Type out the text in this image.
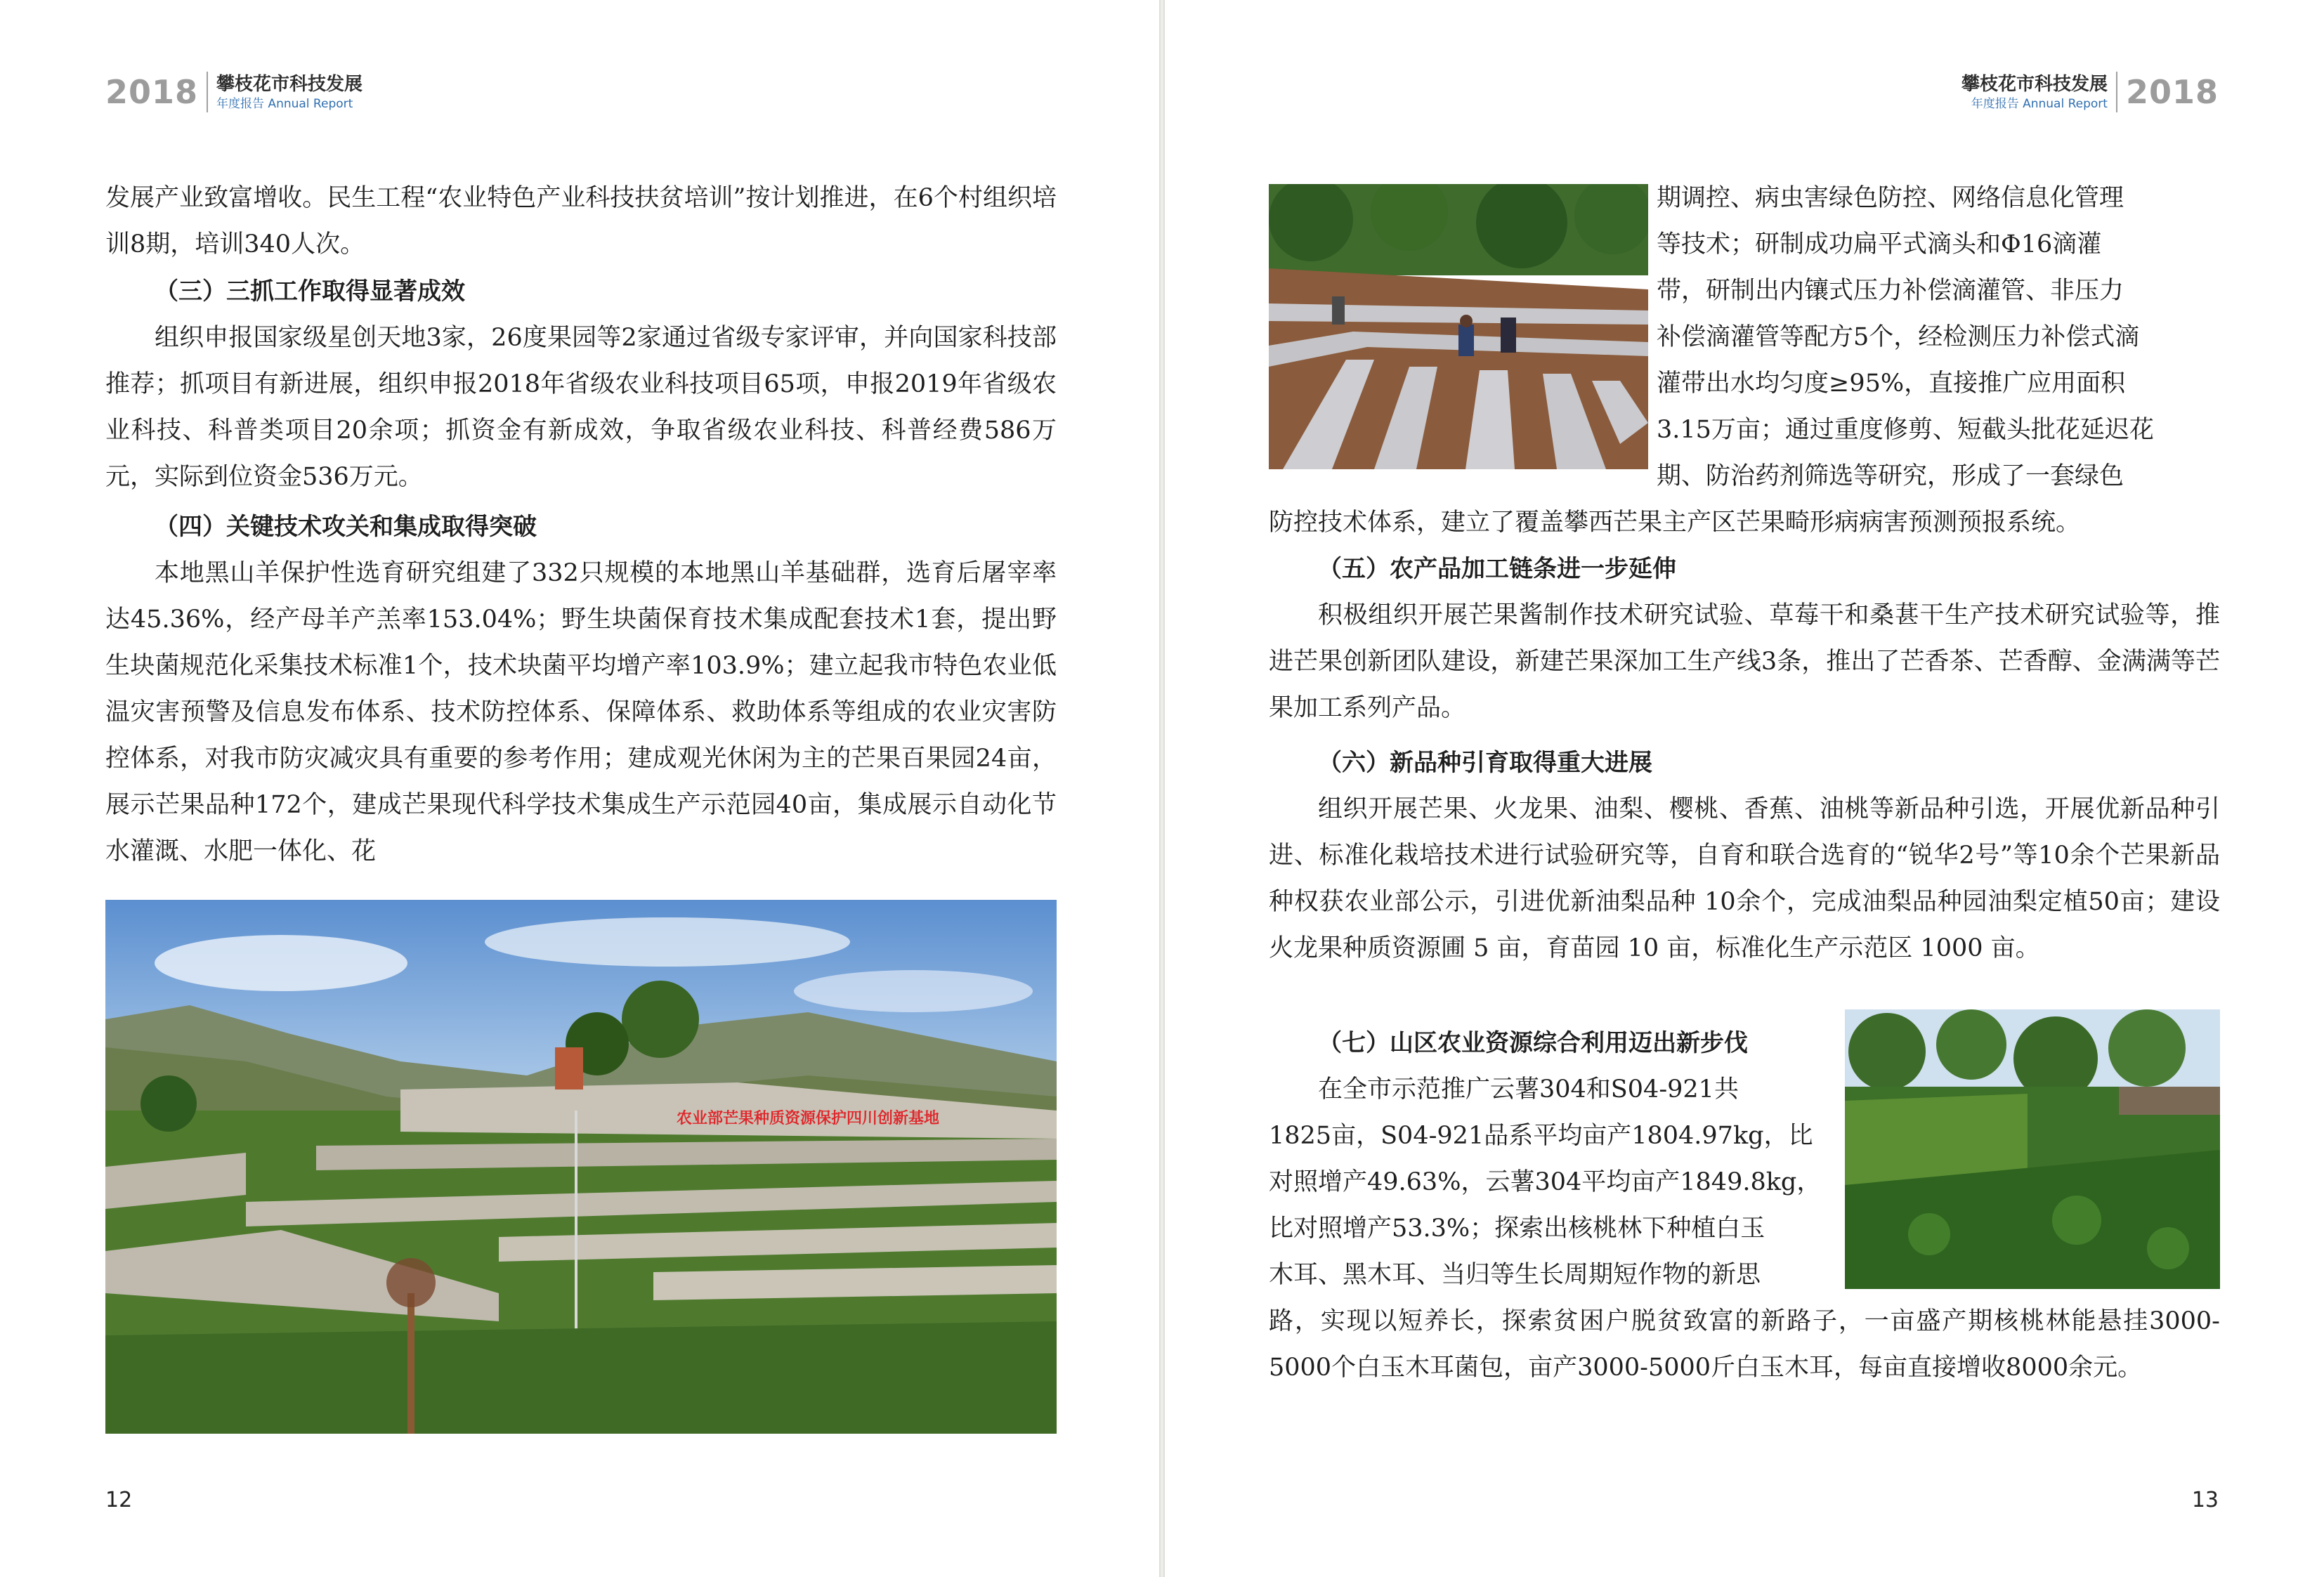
2018 攀枝花市科技发展
年度报告 Annual Report

发展产业致富增收。民生工程“农业特色产业科技扶贫培训”按计划推进，在6个村组织培训8期，培训340人次。

（三）三抓工作取得显著成效

组织申报国家级星创天地3家，26度果园等2家通过省级专家评审，并向国家科技部推荐；抓项目有新进展，组织申报2018年省级农业科技项目65项，申报2019年省级农业科技、科普类项目20余项；抓资金有新成效，争取省级农业科技、科普经费586万元，实际到位资金536万元。

（四）关键技术攻关和集成取得突破

本地黑山羊保护性选育研究组建了332只规模的本地黑山羊基础群，选育后屠宰率达45.36%，经产母羊产羔率153.04%；野生块菌保育技术集成配套技术1套，提出野生块菌规范化采集技术标准1个，技术块菌平均增产率103.9%；建立起我市特色农业低温灾害预警及信息发布体系、技术防控体系、保障体系、救助体系等组成的农业灾害防控体系，对我市防灾减灾具有重要的参考作用；建成观光休闲为主的芒果百果园24亩，展示芒果品种172个，建成芒果现代科学技术集成生产示范园40亩，集成展示自动化节水灌溉、水肥一体化、花

农业部芒果种质资源保护四川创新基地
12
攀枝花市科技发展
年度报告 Annual Report 2018

期调控、病虫害绿色防控、网络信息化管理
等技术；研制成功扁平式滴头和Φ16滴灌
带，研制出内镶式压力补偿滴灌管、非压力
补偿滴灌管等配方5个，经检测压力补偿式滴
灌带出水均匀度≥95%，直接推广应用面积
3.15万亩；通过重度修剪、短截头批花延迟花
期、防治药剂筛选等研究，形成了一套绿色

防控技术体系，建立了覆盖攀西芒果主产区芒果畸形病病害预测预报系统。

（五）农产品加工链条进一步延伸

积极组织开展芒果酱制作技术研究试验、草莓干和桑葚干生产技术研究试验等，推进芒果创新团队建设，新建芒果深加工生产线3条，推出了芒香茶、芒香醇、金满满等芒果加工系列产品。

（六）新品种引育取得重大进展

组织开展芒果、火龙果、油梨、樱桃、香蕉、油桃等新品种引选，开展优新品种引进、标准化栽培技术进行试验研究等，自育和联合选育的“锐华2号”等10余个芒果新品种权获农业部公示，引进优新油梨品种 10余个，完成油梨品种园油梨定植50亩；建设火龙果种质资源圃 5 亩，育苗园 10 亩，标准化生产示范区 1000 亩。

（七）山区农业资源综合利用迈出新步伐

在全市示范推广云薯304和S04-921共
1825亩，S04-921品系平均亩产1804.97kg，比
对照增产49.63%，云薯304平均亩产1849.8kg，
比对照增产53.3%；探索出核桃林下种植白玉
木耳、黑木耳、当归等生长周期短作物的新思

路，实现以短养长，探索贫困户脱贫致富的新路子，一亩盛产期核桃林能悬挂3000-5000个白玉木耳菌包，亩产3000-5000斤白玉木耳，每亩直接增收8000余元。

13
